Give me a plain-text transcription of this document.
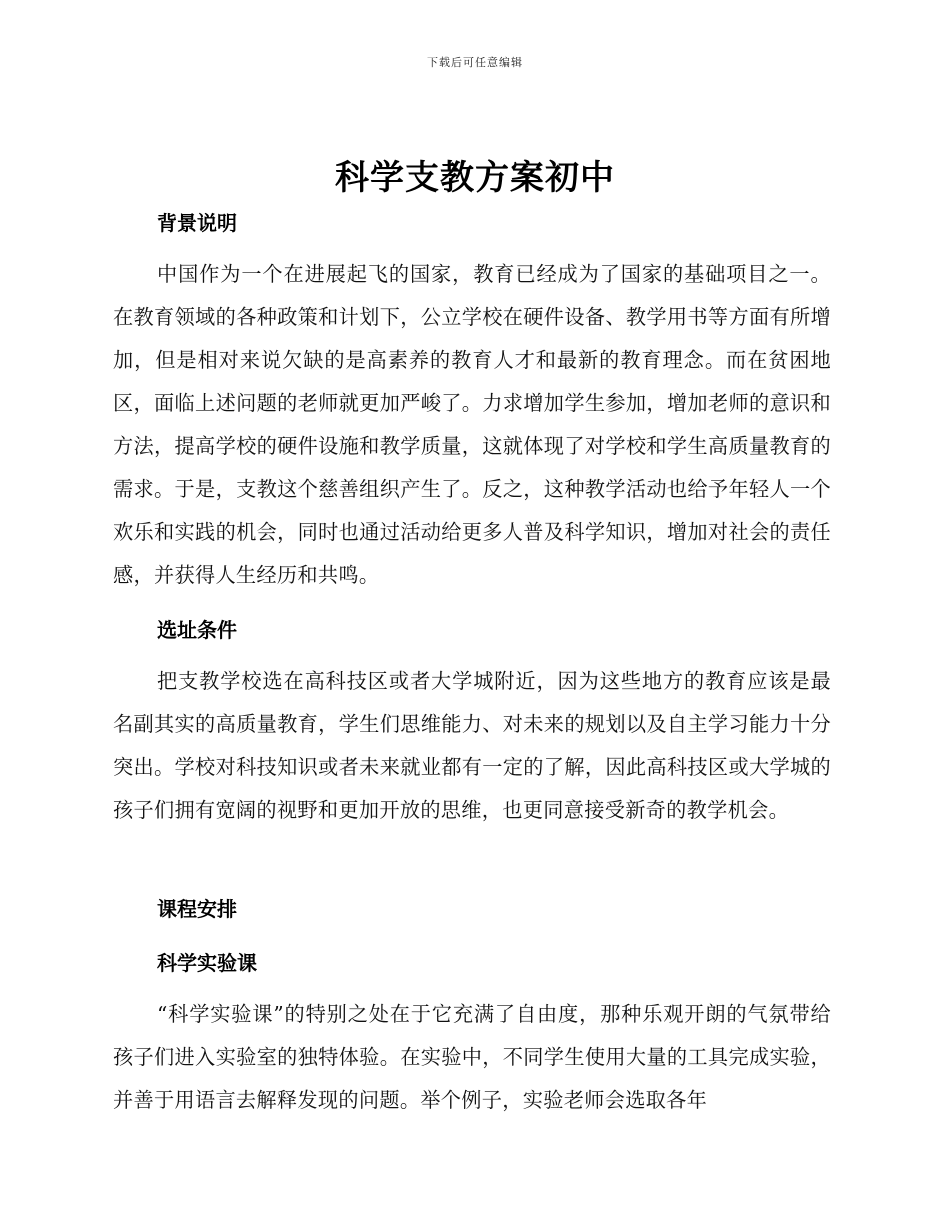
下载后可任意编辑
科学支教方案初中
背景说明

中国作为一个在进展起飞的国家，教育已经成为了国家的基础项目之一。在教育领域的各种政策和计划下，公立学校在硬件设备、教学用书等方面有所增加，但是相对来说欠缺的是高素养的教育人才和最新的教育理念。而在贫困地区，面临上述问题的老师就更加严峻了。力求增加学生参加，增加老师的意识和方法，提高学校的硬件设施和教学质量，这就体现了对学校和学生高质量教育的需求。于是，支教这个慈善组织产生了。反之，这种教学活动也给予年轻人一个欢乐和实践的机会，同时也通过活动给更多人普及科学知识，增加对社会的责任感，并获得人生经历和共鸣。

选址条件

把支教学校选在高科技区或者大学城附近，因为这些地方的教育应该是最名副其实的高质量教育，学生们思维能力、对未来的规划以及自主学习能力十分突出。学校对科技知识或者未来就业都有一定的了解，因此高科技区或大学城的孩子们拥有宽阔的视野和更加开放的思维，也更同意接受新奇的教学机会。

课程安排
科学实验课

“科学实验课”的特别之处在于它充满了自由度，那种乐观开朗的气氛带给孩子们进入实验室的独特体验。在实验中，不同学生使用大量的工具完成实验，并善于用语言去解释发现的问题。举个例子，实验老师会选取各年
